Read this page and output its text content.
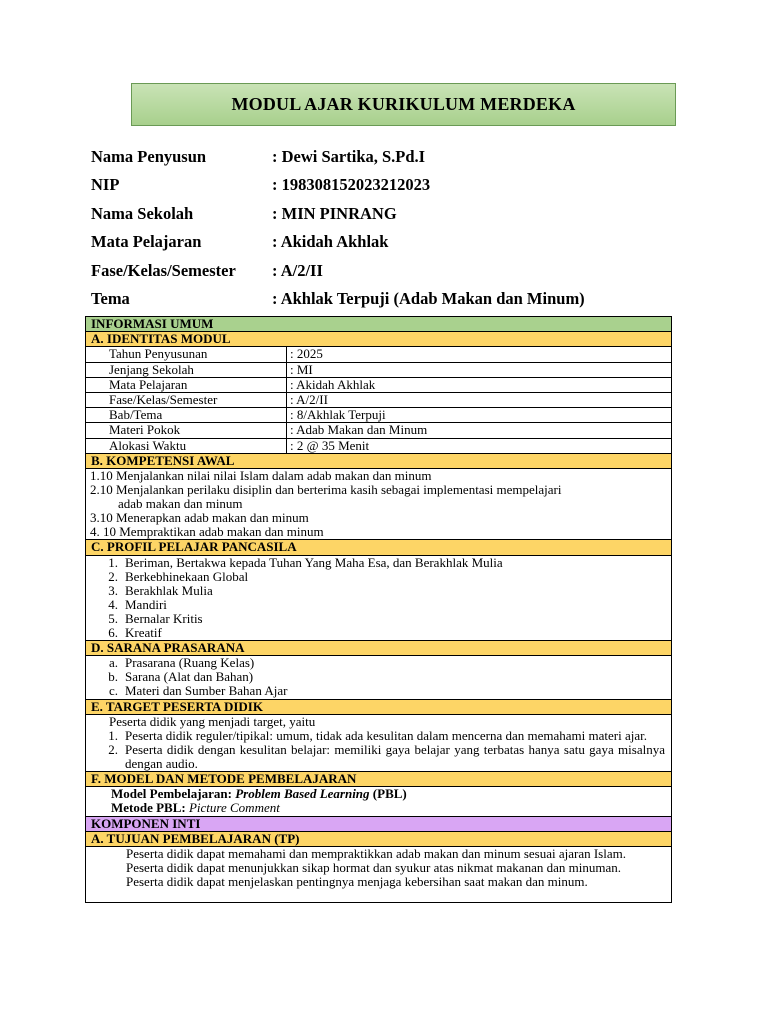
MODUL AJAR KURIKULUM MERDEKA
Nama Penyusun	: Dewi Sartika, S.Pd.I
NIP	: 198308152023212023
Nama Sekolah	: MIN PINRANG
Mata Pelajaran	: Akidah Akhlak
Fase/Kelas/Semester	: A/2/II
Tema	: Akhlak Terpuji (Adab Makan dan Minum)
INFORMASI UMUM
A. IDENTITAS MODUL
Tahun Penyusunan	: 2025
Jenjang Sekolah	: MI
Mata Pelajaran	: Akidah Akhlak
Fase/Kelas/Semester	: A/2/II
Bab/Tema	: 8/Akhlak Terpuji
Materi Pokok	: Adab Makan dan Minum
Alokasi Waktu	: 2 @ 35 Menit
B. KOMPETENSI AWAL
1.10 Menjalankan nilai nilai Islam dalam adab makan dan minum
2.10 Menjalankan perilaku disiplin dan berterima kasih sebagai implementasi mempelajari
adab makan dan minum
3.10 Menerapkan adab makan dan minum
4. 10 Mempraktikan adab makan dan minum
C. PROFIL PELAJAR PANCASILA
1. Beriman, Bertakwa kepada Tuhan Yang Maha Esa, dan Berakhlak Mulia
2. Berkebhinekaan Global
3. Berakhlak Mulia
4. Mandiri
5. Bernalar Kritis
6. Kreatif
D. SARANA PRASARANA
a. Prasarana (Ruang Kelas)
b. Sarana (Alat dan Bahan)
c. Materi dan Sumber Bahan Ajar
E. TARGET PESERTA DIDIK
Peserta didik yang menjadi target, yaitu
1. Peserta didik reguler/tipikal: umum, tidak ada kesulitan dalam mencerna dan memahami materi ajar.
2. Peserta didik dengan kesulitan belajar: memiliki gaya belajar yang terbatas hanya satu gaya misalnya dengan audio.
F. MODEL DAN METODE PEMBELAJARAN
Model Pembelajaran: Problem Based Learning (PBL)
Metode PBL: Picture Comment
KOMPONEN INTI
A. TUJUAN PEMBELAJARAN (TP)
Peserta didik dapat memahami dan mempraktikkan adab makan dan minum sesuai ajaran Islam.
Peserta didik dapat menunjukkan sikap hormat dan syukur atas nikmat makanan dan minuman.
Peserta didik dapat menjelaskan pentingnya menjaga kebersihan saat makan dan minum.
